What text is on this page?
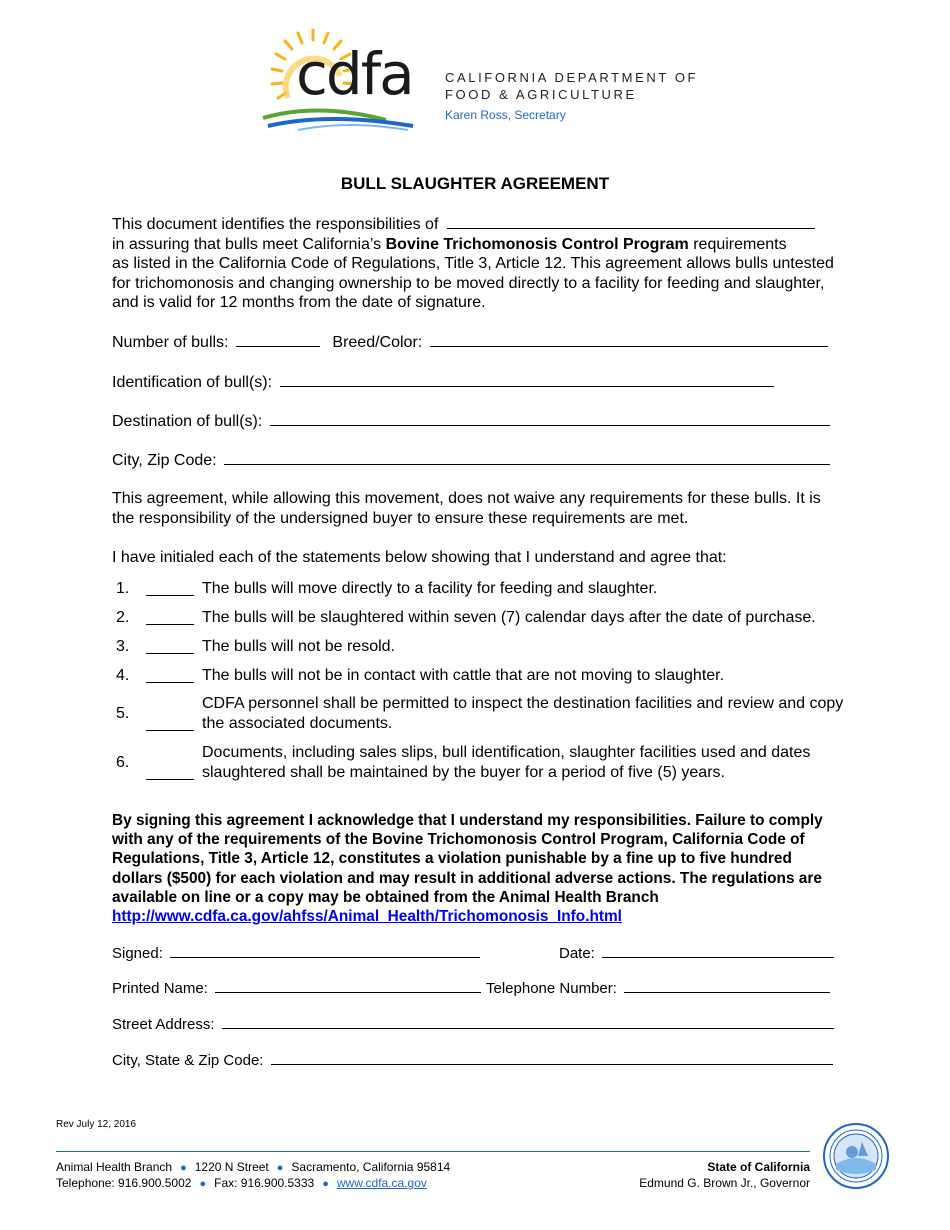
cdfa CALIFORNIA DEPARTMENT OF
FOOD & AGRICULTURE
Karen Ross, Secretary
BULL SLAUGHTER AGREEMENT
This document identifies the responsibilities of
in assuring that bulls meet California’s Bovine Trichomonosis Control Program requirements
as listed in the California Code of Regulations, Title 3, Article 12. This agreement allows bulls untested for trichomonosis and changing ownership to be moved directly to a facility for feeding and slaughter, and is valid for 12 months from the date of signature.
Number of bulls:	Breed/Color:
Identification of bull(s):
Destination of bull(s):
City, Zip Code:
This agreement, while allowing this movement, does not waive any requirements for these bulls. It is the responsibility of the undersigned buyer to ensure these requirements are met.
I have initialed each of the statements below showing that I understand and agree that:
1.	The bulls will move directly to a facility for feeding and slaughter.
2.	The bulls will be slaughtered within seven (7) calendar days after the date of purchase.
3.	The bulls will not be resold.
4.	The bulls will not be in contact with cattle that are not moving to slaughter.
5.
CDFA personnel shall be permitted to inspect the destination facilities and review and copy the associated documents.
6.
Documents, including sales slips, bull identification, slaughter facilities used and dates slaughtered shall be maintained by the buyer for a period of five (5) years.
By signing this agreement I acknowledge that I understand my responsibilities. Failure to comply with any of the requirements of the Bovine Trichomonosis Control Program, California Code of Regulations, Title 3, Article 12, constitutes a violation punishable by a fine up to five hundred dollars ($500) for each violation and may result in additional adverse actions. The regulations are available on line or a copy may be obtained from the Animal Health Branch http://www.cdfa.ca.gov/ahfss/Animal_Health/Trichomonosis_Info.html
Signed:	Date:
Printed Name:	Telephone Number:
Street Address:
City, State & Zip Code:
Rev July 12, 2016
Animal Health Branch ● 1220 N Street ● Sacramento, California 95814
Telephone: 916.900.5002 ● Fax: 916.900.5333 ● www.cdfa.ca.gov
State of California
Edmund G. Brown Jr., Governor
